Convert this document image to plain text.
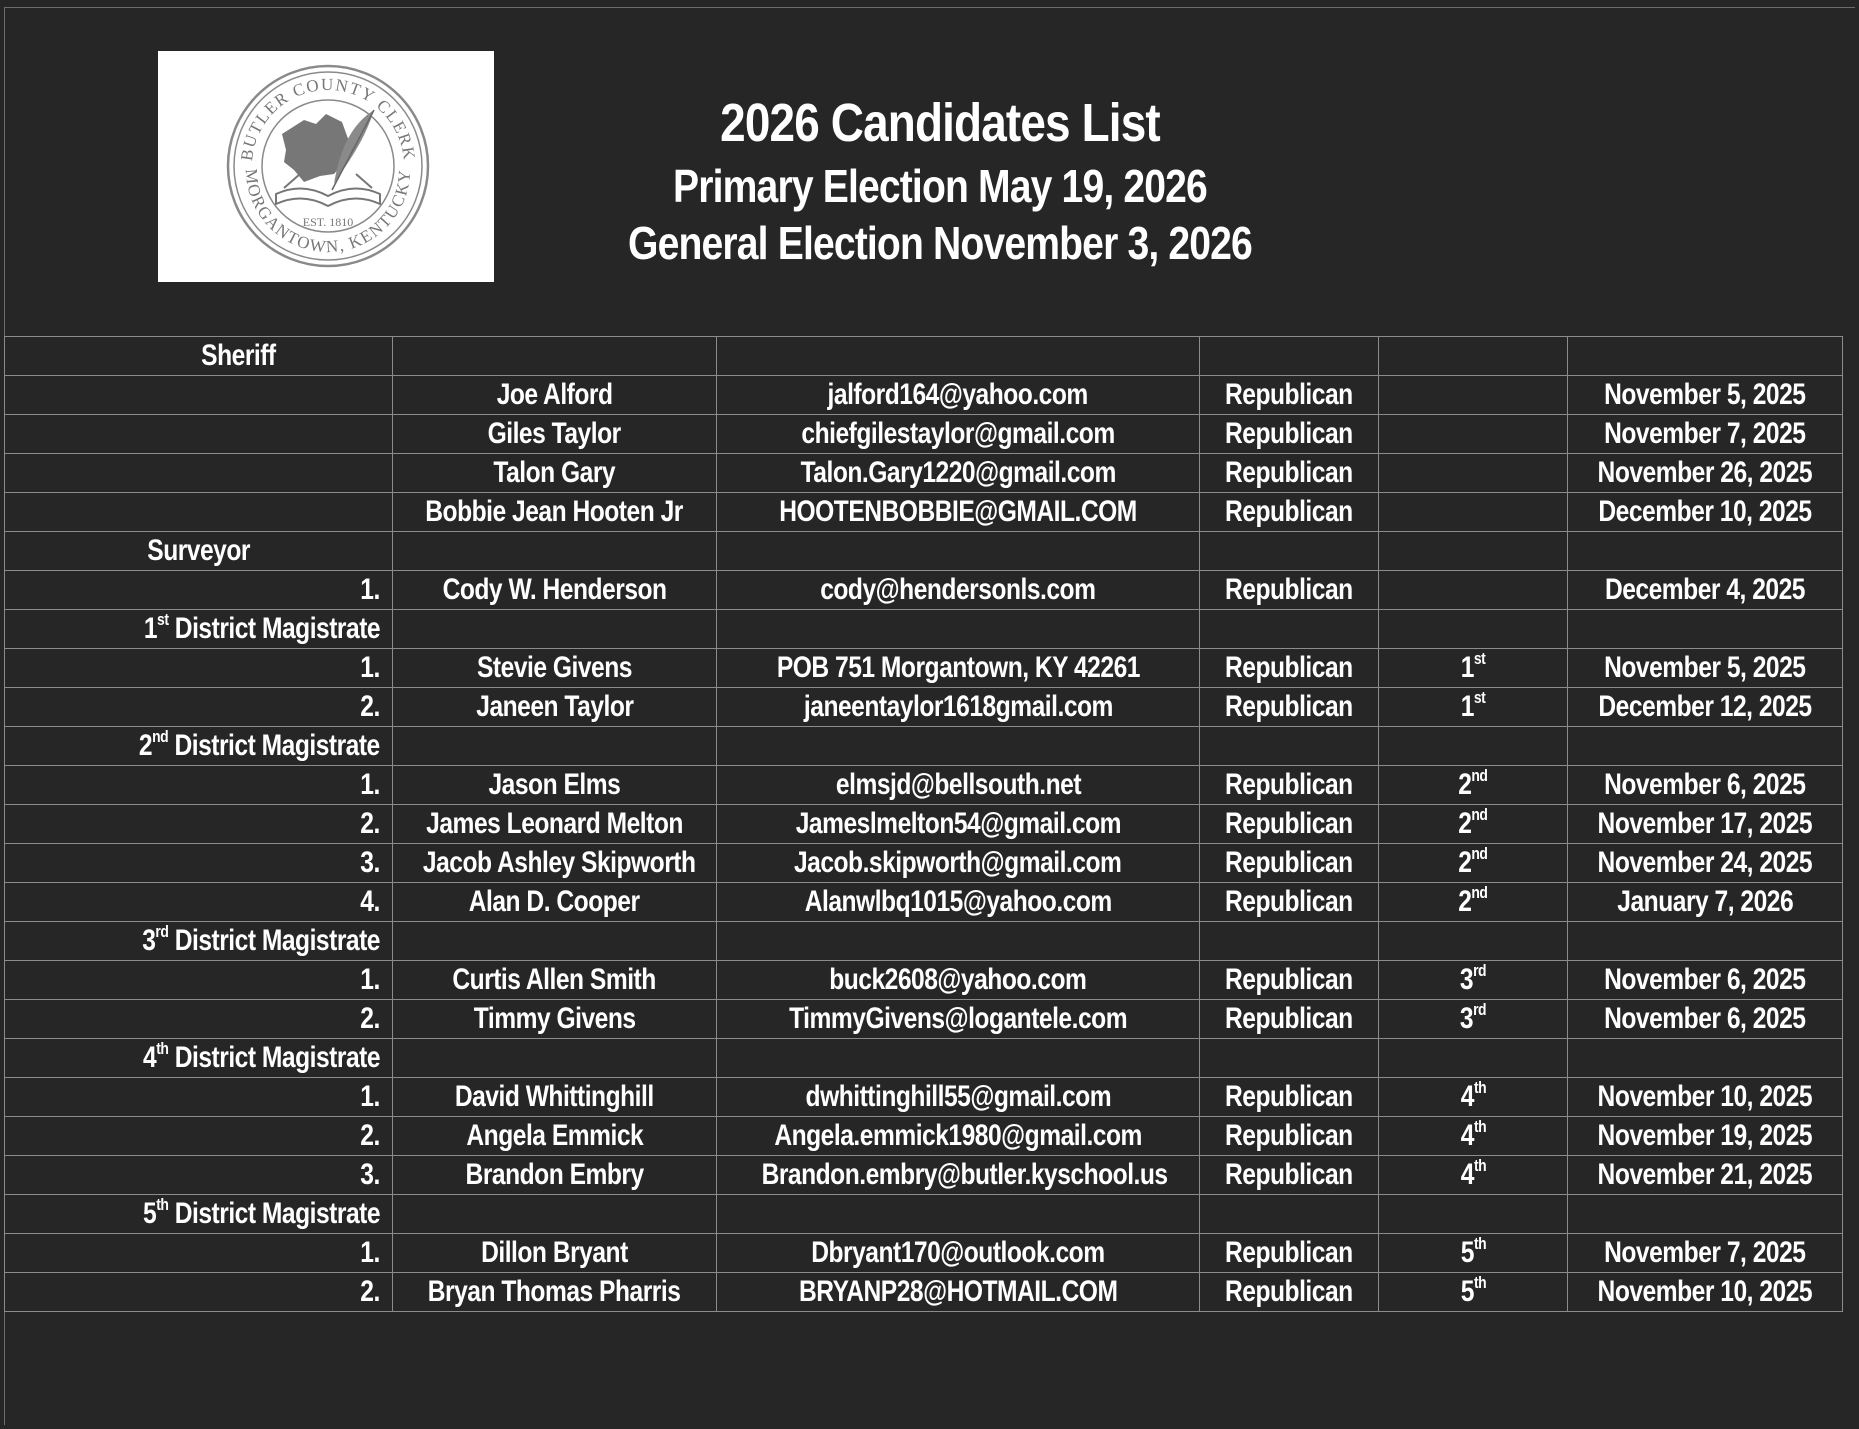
BUTLER COUNTY CLERK
MORGANTOWN, KENTUCKY
EST. 1810
2026 Candidates List
Primary Election May 19, 2026
General Election November 3, 2026
Sheriff					
	Joe Alford	jalford164@yahoo.com	Republican		November 5, 2025
	Giles Taylor	chiefgilestaylor@gmail.com	Republican		November 7, 2025
	Talon Gary	Talon.Gary1220@gmail.com	Republican		November 26, 2025
	Bobbie Jean Hooten Jr	HOOTENBOBBIE@GMAIL.COM	Republican		December 10, 2025
Surveyor					
1.	Cody W. Henderson	cody@hendersonls.com	Republican		December 4, 2025
1st District Magistrate					
1.	Stevie Givens	POB 751 Morgantown, KY 42261	Republican	1st	November 5, 2025
2.	Janeen Taylor	janeentaylor1618gmail.com	Republican	1st	December 12, 2025
2nd District Magistrate					
1.	Jason Elms	elmsjd@bellsouth.net	Republican	2nd	November 6, 2025
2.	James Leonard Melton	Jameslmelton54@gmail.com	Republican	2nd	November 17, 2025
3.	Jacob Ashley Skipworth	Jacob.skipworth@gmail.com	Republican	2nd	November 24, 2025
4.	Alan D. Cooper	Alanwlbq1015@yahoo.com	Republican	2nd	January 7, 2026
3rd District Magistrate					
1.	Curtis Allen Smith	buck2608@yahoo.com	Republican	3rd	November 6, 2025
2.	Timmy Givens	TimmyGivens@logantele.com	Republican	3rd	November 6, 2025
4th District Magistrate					
1.	David Whittinghill	dwhittinghill55@gmail.com	Republican	4th	November 10, 2025
2.	Angela Emmick	Angela.emmick1980@gmail.com	Republican	4th	November 19, 2025
3.	Brandon Embry	Brandon.embry@butler.kyschool.us	Republican	4th	November 21, 2025
5th District Magistrate					
1.	Dillon Bryant	Dbryant170@outlook.com	Republican	5th	November 7, 2025
2.	Bryan Thomas Pharris	BRYANP28@HOTMAIL.COM	Republican	5th	November 10, 2025
